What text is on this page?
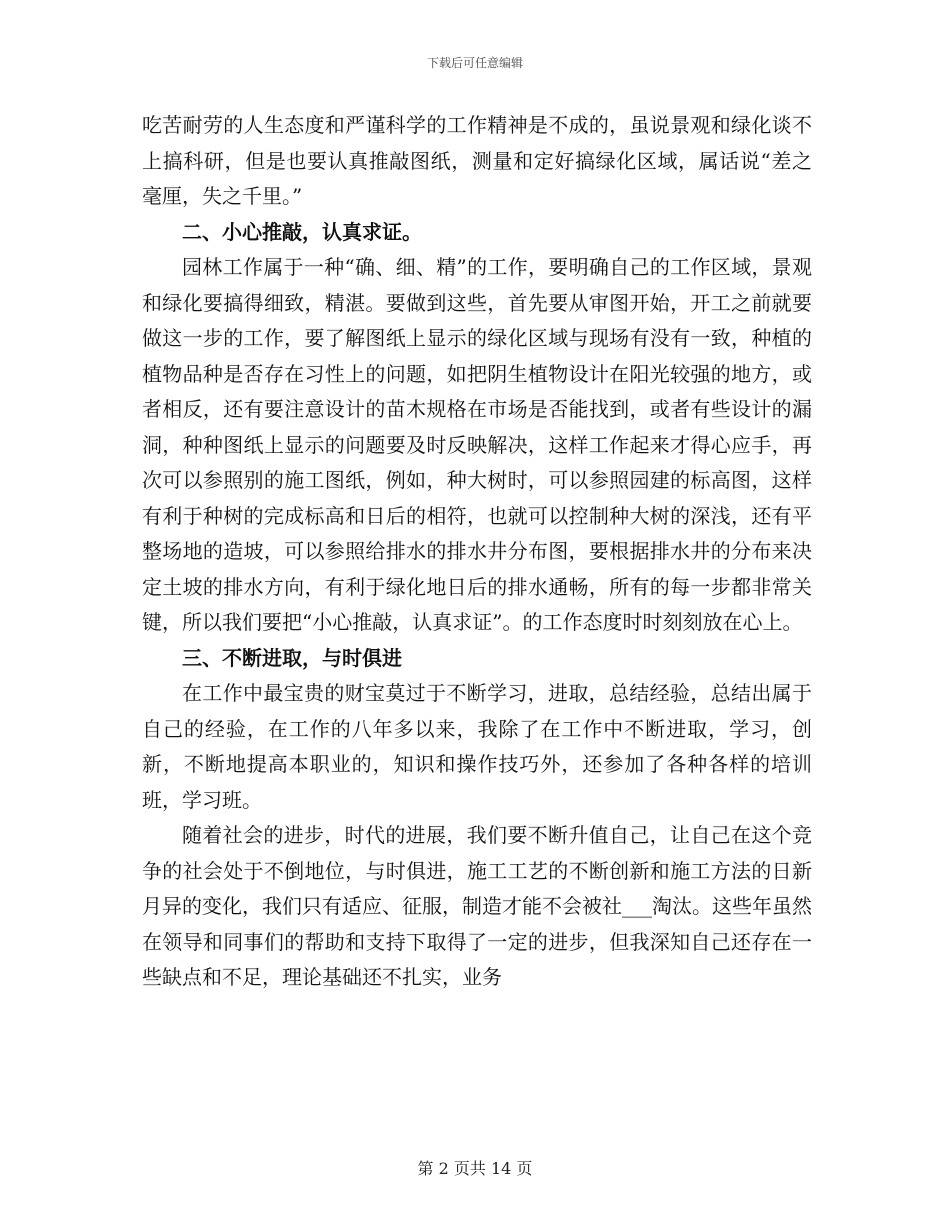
下载后可任意编辑

吃苦耐劳的人生态度和严谨科学的工作精神是不成的，虽说景观和绿化谈不上搞科研，但是也要认真推敲图纸，测量和定好搞绿化区域，属话说“差之毫厘，失之千里。”

二、小心推敲，认真求证。

园林工作属于一种“确、细、精”的工作，要明确自己的工作区域，景观和绿化要搞得细致，精湛。要做到这些，首先要从审图开始，开工之前就要做这一步的工作，要了解图纸上显示的绿化区域与现场有没有一致，种植的植物品种是否存在习性上的问题，如把阴生植物设计在阳光较强的地方，或者相反，还有要注意设计的苗木规格在市场是否能找到，或者有些设计的漏洞，种种图纸上显示的问题要及时反映解决，这样工作起来才得心应手，再次可以参照别的施工图纸，例如，种大树时，可以参照园建的标高图，这样有利于种树的完成标高和日后的相符，也就可以控制种大树的深浅，还有平整场地的造坡，可以参照给排水的排水井分布图，要根据排水井的分布来决定土坡的排水方向，有利于绿化地日后的排水通畅，所有的每一步都非常关键，所以我们要把“小心推敲，认真求证”。的工作态度时时刻刻放在心上。

三、不断进取，与时俱进

在工作中最宝贵的财宝莫过于不断学习，进取，总结经验，总结出属于自己的经验，在工作的八年多以来，我除了在工作中不断进取，学习，创新，不断地提高本职业的，知识和操作技巧外，还参加了各种各样的培训班，学习班。

随着社会的进步，时代的进展，我们要不断升值自己，让自己在这个竞争的社会处于不倒地位，与时俱进，施工工艺的不断创新和施工方法的日新月异的变化，我们只有适应、征服，制造才能不会被社___淘汰。这些年虽然在领导和同事们的帮助和支持下取得了一定的进步，但我深知自己还存在一些缺点和不足，理论基础还不扎实，业务

第 2 页共 14 页
